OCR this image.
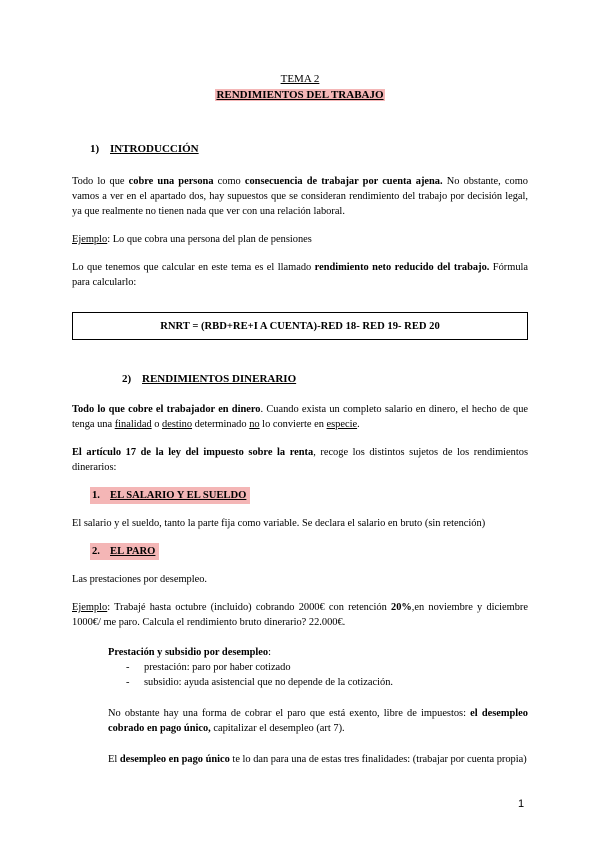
TEMA 2
RENDIMIENTOS DEL TRABAJO
1) INTRODUCCIÓN

Todo lo que cobre una persona como consecuencia de trabajar por cuenta ajena. No obstante, como vamos a ver en el apartado dos, hay supuestos que se consideran rendimiento del trabajo por decisión legal, ya que realmente no tienen nada que ver con una relación laboral.

Ejemplo: Lo que cobra una persona del plan de pensiones

Lo que tenemos que calcular en este tema es el llamado rendimiento neto reducido del trabajo. Fórmula para calcularlo:

RNRT = (RBD+RE+I A CUENTA)-RED 18- RED 19- RED 20
2) RENDIMIENTOS DINERARIO

Todo lo que cobre el trabajador en dinero. Cuando exista un completo salario en dinero, el hecho de que tenga una finalidad o destino determinado no lo convierte en especie.

El artículo 17 de la ley del impuesto sobre la renta, recoge los distintos sujetos de los rendimientos dinerarios:

1. EL SALARIO Y EL SUELDO

El salario y el sueldo, tanto la parte fija como variable. Se declara el salario en bruto (sin retención)

2. EL PARO

Las prestaciones por desempleo.

Ejemplo: Trabajé hasta octubre (incluido) cobrando 2000€ con retención 20%,en noviembre y diciembre 1000€/ me paro. Calcula el rendimiento bruto dinerario? 22.000€.

Prestación y subsidio por desempleo:

- prestación: paro por haber cotizado
- subsidio: ayuda asistencial que no depende de la cotización.

No obstante hay una forma de cobrar el paro que está exento, libre de impuestos: el desempleo cobrado en pago único, capitalizar el desempleo (art 7).

El desempleo en pago único te lo dan para una de estas tres finalidades: (trabajar por cuenta propia)

1
